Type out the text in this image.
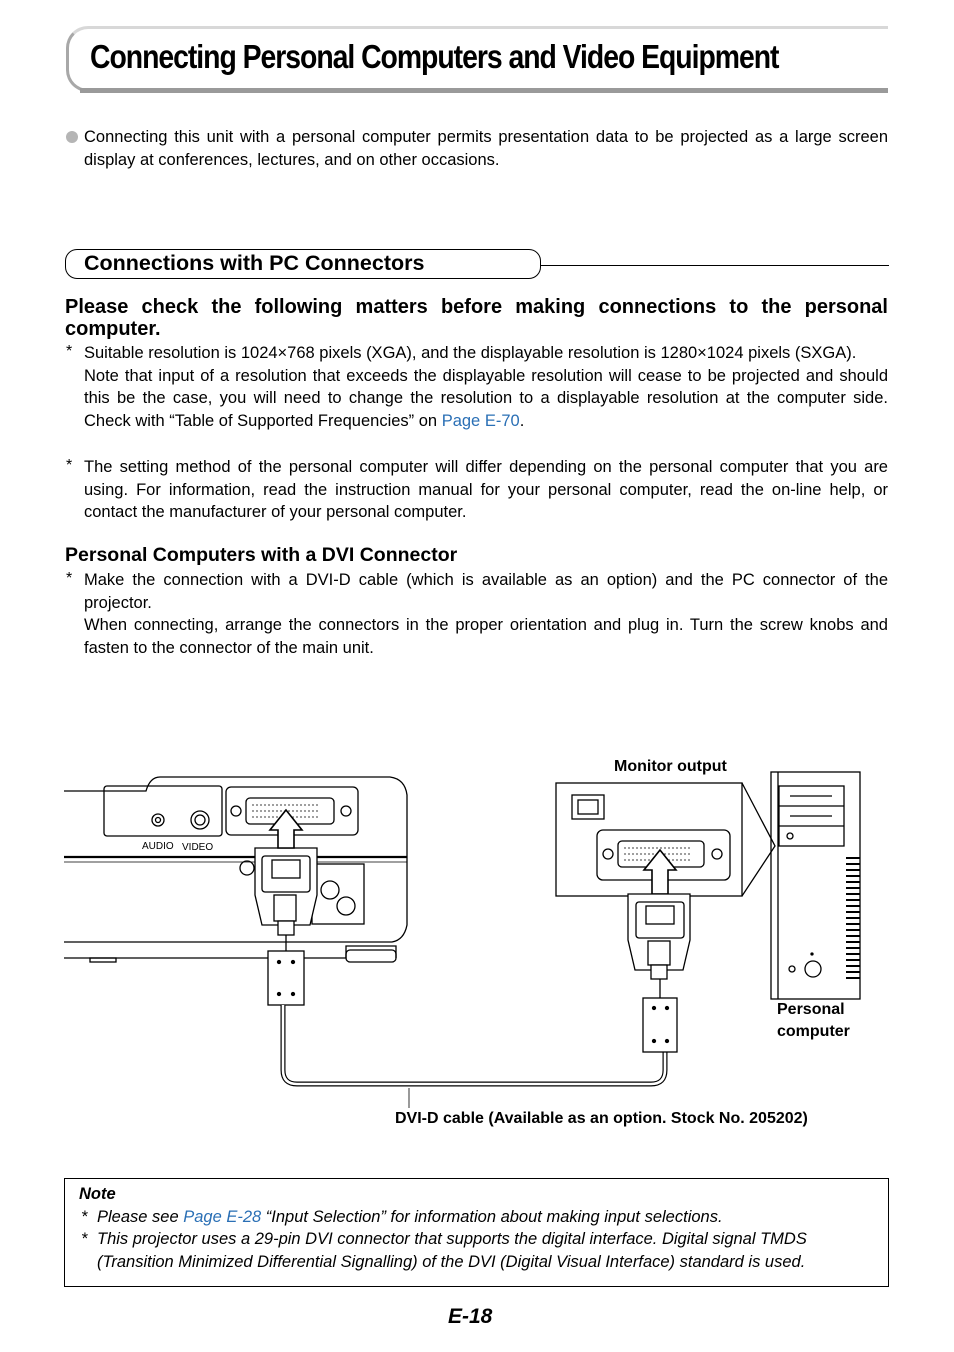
Connecting Personal Computers and Video Equipment
Connecting this unit with a personal computer permits presentation data to be projected as a large screen display at conferences, lectures, and on other occasions.
Connections with PC Connectors
Please check the following matters before making connections to the personal computer.
* Suitable resolution is 1024×768 pixels (XGA), and the displayable resolution is 1280×1024 pixels (SXGA).
Note that input of a resolution that exceeds the displayable resolution will cease to be projected and should this be the case, you will need to change the resolution to a displayable resolution at the computer side. Check with “Table of Supported Frequencies” on Page E-70.
* The setting method of the personal computer will differ depending on the personal computer that you are using. For information, read the instruction manual for your personal computer, read the on-line help, or contact the manufacturer of your personal computer.
Personal Computers with a DVI Connector
* Make the connection with a DVI-D cable (which is available as an option) and the PC connector of the projector.
When connecting, arrange the connectors in the proper orientation and plug in. Turn the screw knobs and fasten to the connector of the main unit.
AUDIO VIDEO
Monitor output
Personal
computer
DVI-D cable (Available as an option. Stock No. 205202)
Note
* Please see Page E-28 “Input Selection” for information about making input selections.
* This projector uses a 29-pin DVI connector that supports the digital interface. Digital signal TMDS (Transition Minimized Differential Signalling) of the DVI (Digital Visual Interface) standard is used.
E-18
